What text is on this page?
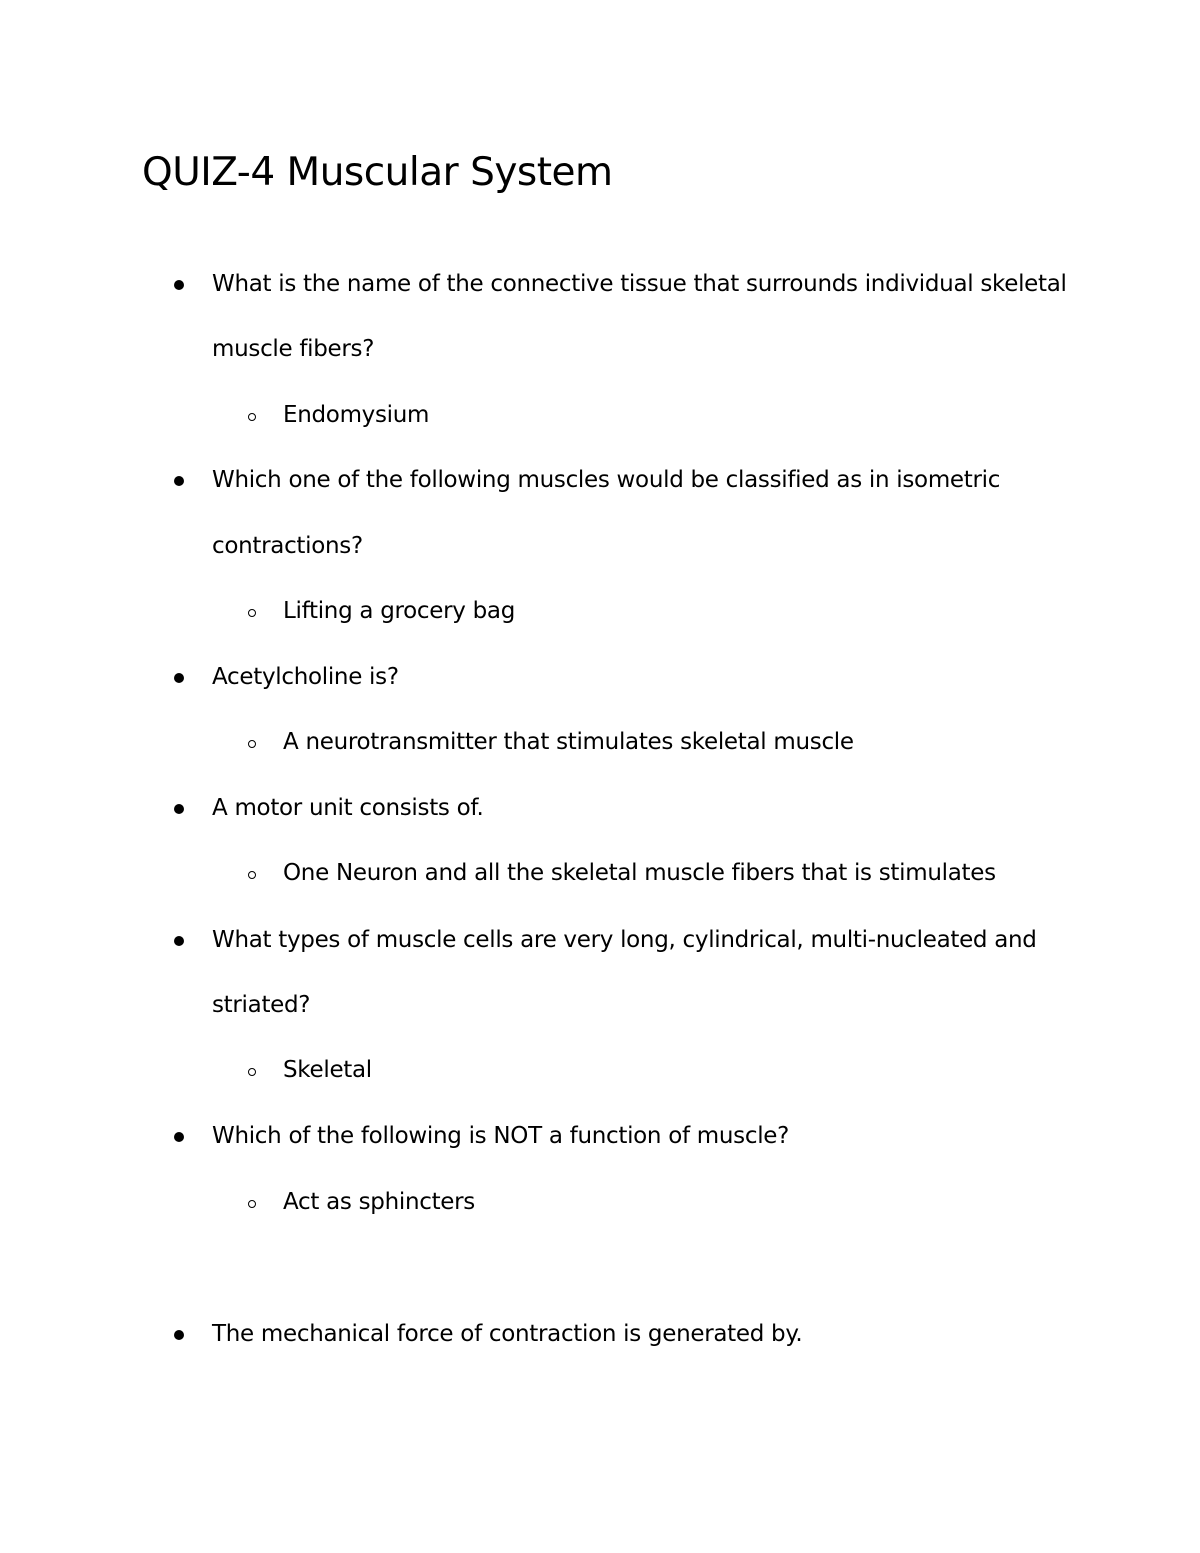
QUIZ-4 Muscular System
What is the name of the connective tissue that surrounds individual skeletal
muscle fibers?
Endomysium
Which one of the following muscles would be classified as in isometric
contractions?
Lifting a grocery bag
Acetylcholine is?
A neurotransmitter that stimulates skeletal muscle
A motor unit consists of.
One Neuron and all the skeletal muscle fibers that is stimulates
What types of muscle cells are very long, cylindrical, multi-nucleated and
striated?
Skeletal
Which of the following is NOT a function of muscle?
Act as sphincters
The mechanical force of contraction is generated by.
